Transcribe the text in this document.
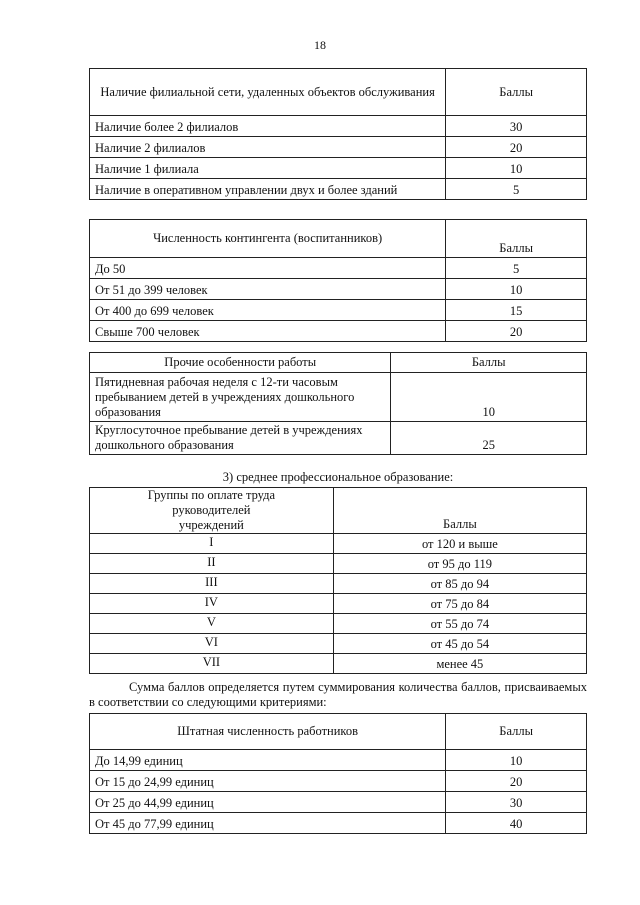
18
Наличие филиальной сети, удаленных объектов обслуживания	Баллы
Наличие более 2 филиалов	30
Наличие 2 филиалов	20
Наличие 1 филиала	10
Наличие в оперативном управлении двух и более зданий	5
Численность контингента (воспитанников)	Баллы
До 50	5
От 51 до 399 человек	10
От 400 до 699 человек	15
Свыше 700 человек	20
Прочие особенности работы	Баллы
Пятидневная рабочая неделя с 12-ти часовым пребыванием детей в учреждениях дошкольного образования	10
Круглосуточное пребывание детей в учреждениях дошкольного образования	25
3) среднее профессиональное образование:
Группы по оплате труда руководителей учреждений	Баллы
I	от 120 и выше
II	от 95 до 119
III	от 85 до 94
IV	от 75 до 84
V	от 55 до 74
VI	от 45 до 54
VII	менее 45
Сумма баллов определяется путем суммирования количества баллов, присваиваемых в соответствии со следующими критериями:
Штатная численность работников	Баллы
До 14,99 единиц	10
От 15 до 24,99 единиц	20
От 25 до 44,99 единиц	30
От 45 до 77,99 единиц	40
